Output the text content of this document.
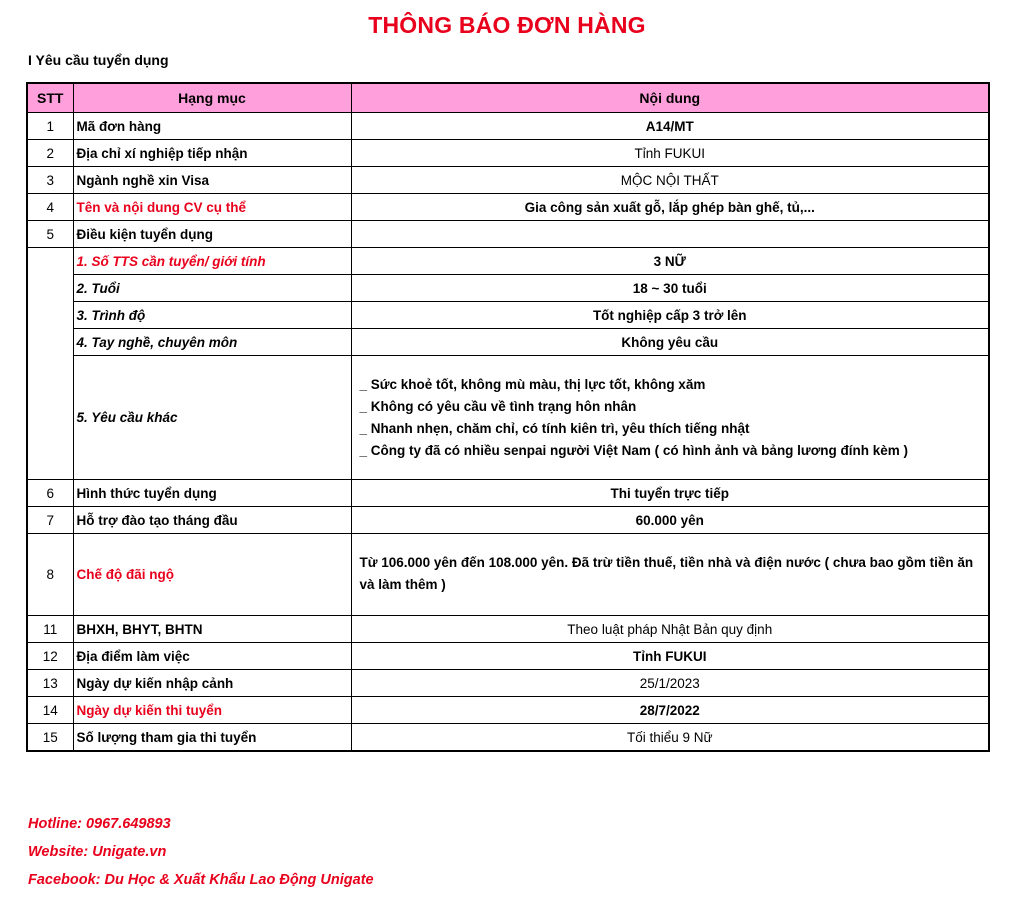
THÔNG BÁO ĐƠN HÀNG
I Yêu cầu tuyển dụng
STT	Hạng mục	Nội dung
1	Mã đơn hàng	A14/MT
2	Địa chỉ xí nghiệp tiếp nhận	Tỉnh FUKUI
3	Ngành nghề xin Visa	MỘC NỘI THẤT
4	Tên và nội dung CV cụ thể	Gia công sản xuất gỗ, lắp ghép bàn ghế, tủ,...
5	Điều kiện tuyển dụng	
	1. Số TTS cần tuyển/ giới tính	3 NỮ
	2. Tuổi	18 ~ 30 tuổi
	3. Trình độ	Tốt nghiệp cấp 3 trở lên
	4. Tay nghề, chuyên môn	Không yêu cầu
	5. Yêu cầu khác	_ Sức khoẻ tốt, không mù màu, thị lực tốt, không xăm
_ Không có yêu cầu về tình trạng hôn nhân
_ Nhanh nhẹn, chăm chỉ, có tính kiên trì, yêu thích tiếng nhật
_ Công ty đã có nhiều senpai người Việt Nam ( có hình ảnh và bảng lương đính kèm )

6	Hình thức tuyển dụng	Thi tuyển trực tiếp
7	Hỗ trợ đào tạo tháng đầu	60.000 yên
8	Chế độ đãi ngộ	Từ 106.000 yên đến 108.000 yên. Đã trừ tiền thuế, tiền nhà và điện nước ( chưa bao gồm tiền ăn và làm thêm )
11	BHXH, BHYT, BHTN	Theo luật pháp Nhật Bản quy định
12	Địa điểm làm việc	Tỉnh FUKUI
13	Ngày dự kiến nhập cảnh	25/1/2023
14	Ngày dự kiến thi tuyển	28/7/2022
15	Số lượng tham gia thi tuyển	Tối thiểu 9 Nữ
Hotline: 0967.649893
Website: Unigate.vn
Facebook: Du Học & Xuất Khẩu Lao Động Unigate
